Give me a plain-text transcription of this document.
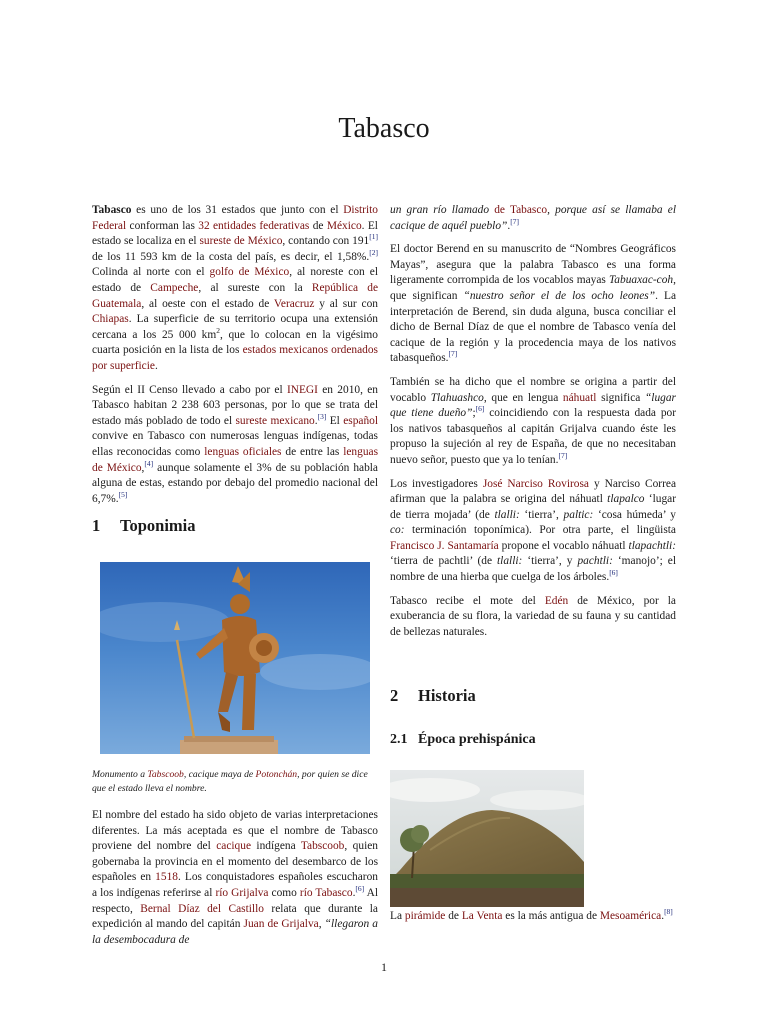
Tabasco

Tabasco es uno de los 31 estados que junto con el Distrito Federal conforman las 32 entidades federativas de México. El estado se localiza en el sureste de México, contando con 191[1] de los 11 593 km de la costa del país, es decir, el 1,58%.[2] Colinda al norte con el golfo de México, al noreste con el estado de Campeche, al sureste con la República de Guatemala, al oeste con el estado de Veracruz y al sur con Chiapas. La superficie de su territorio ocupa una extensión cercana a los 25 000 $km^2$, que lo colocan en la vigésimo cuarta posición en la lista de los estados mexicanos ordenados por superficie.

Según el II Censo llevado a cabo por el INEGI en 2010, en Tabasco habitan 2 238 603 personas, por lo que se trata del estado más poblado de todo el sureste mexicano.[3] El español convive en Tabasco con numerosas lenguas indígenas, todas ellas reconocidas como lenguas oficiales de entre las lenguas de México,[4] aunque solamente el 3% de su población habla alguna de estas, estando por debajo del promedio nacional del 6,7%.[5]

1 Toponimia

Monumento a Tabscoob, cacique maya de Potonchán, por quien se dice que el estado lleva el nombre.

El nombre del estado ha sido objeto de varias interpretaciones diferentes. La más aceptada es que el nombre de Tabasco proviene del nombre del cacique indígena Tabscoob, quien gobernaba la provincia en el momento del desembarco de los españoles en 1518. Los conquistadores españoles escucharon a los indígenas referirse al río Grijalva como río Tabasco.[6] Al respecto, Bernal Díaz del Castillo relata que durante la expedición al mando del capitán Juan de Grijalva, “llegaron a la desembocadura de

un gran río llamado de Tabasco, porque así se llamaba el cacique de aquél pueblo”.[7]

El doctor Berend en su manuscrito de “Nombres Geográficos Mayas”, asegura que la palabra Tabasco es una forma ligeramente corrompida de los vocablos mayas Tabuaxac-coh, que significan “nuestro señor el de los ocho leones”. La interpretación de Berend, sin duda alguna, busca conciliar el dicho de Bernal Díaz de que el nombre de Tabasco venía del cacique de la región y la procedencia maya de los nativos tabasqueños.[7]

También se ha dicho que el nombre se origina a partir del vocablo Tlahuashco, que en lengua náhuatl significa “lugar que tiene dueño”;[6] coincidiendo con la respuesta dada por los nativos tabasqueños al capitán Grijalva cuando éste les propuso la sujeción al rey de España, de que no necesitaban nuevo señor, puesto que ya lo tenían.[7]

Los investigadores José Narciso Rovirosa y Narciso Correa afirman que la palabra se origina del náhuatl tlapalco ‘lugar de tierra mojada’ (de tlalli: ‘tierra’, paltic: ‘cosa húmeda’ y co: terminación toponímica). Por otra parte, el lingüista Francisco J. Santamaría propone el vocablo náhuatl tlapachtli: ‘tierra de pachtli’ (de tlalli: ‘tierra’, y pachtli: ‘manojo’; el nombre de una hierba que cuelga de los árboles.[6]

Tabasco recibe el mote del Edén de México, por la exuberancia de su flora, la variedad de su fauna y su cantidad de bellezas naturales.

2 Historia
2.1 Época prehispánica

La pirámide de La Venta es la más antigua de Mesoamérica.[8]

1
